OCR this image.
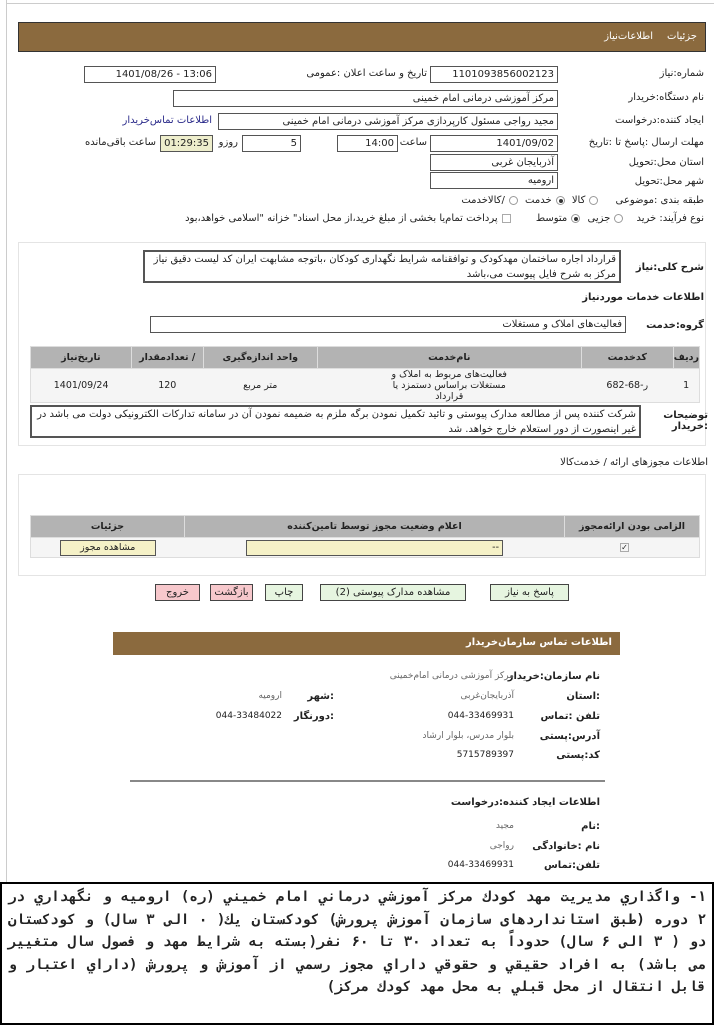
جزئیات
اطلاعات‌نیاز
شماره:نیاز
1101093856002123
تاریخ و ساعت اعلان :عمومی
1401/08/26 - 13:06
نام دستگاه:خریدار
مرکز آموزشی درمانی امام خمینی
ایجاد کننده:درخواست
مجید رواجی مسئول کارپردازی مرکز آموزشی درمانی امام خمینی
اطلاعات تماس‌خریدار
مهلت ارسال :پاسخ تا :تاریخ
1401/09/02
ساعت
14:00
5
روزو
01:29:35
ساعت باقی‌مانده
استان محل:تحویل
آذربایجان غربی
شهر محل:تحویل
ارومیه
طبقه بندی :موضوعی کالا خدمت /کالاخدمت
نوع فرآیند: خرید جزیی متوسط پرداخت تمام‌یا بخشی از مبلغ خرید،از محل اسناد" خزانه "اسلامی خواهد،بود
شرح کلی:نیاز
قرارداد اجاره ساختمان مهدکودک و توافقنامه شرایط نگهداری کودکان ،باتوجه مشابهت ایران کد لیست دقیق نیاز مرکز به شرح فایل پیوست می،باشد
اطلاعات خدمات موردنیاز
گروه:خدمت
فعالیت‌های املاک و مستغلات
ردیف	کدخدمت	نام‌خدمت	واحد اندازه‌گیری	/ تعدادمقدار	تاریخ‌نیاز
1	ر-68-682	فعالیت‌های مربوط به املاک و مستغلات براساس دستمزد یا قرارداد	متر مربع	120	1401/09/24
توضیحات :خریدار
شرکت کننده پس از مطالعه مدارک پیوستی و تائید تکمیل نمودن برگه ملزم به ضمیمه نمودن آن در سامانه تدارکات الکترونیکی دولت می باشد در غیر اینصورت از دور استعلام خارج خواهد. شد
اطلاعات مجوزهای ارائه / خدمت‌کالا
الزامی بودن ارائه‌مجوز	اعلام وضعیت مجوز توسط تامین‌کننده	جزئیات
✓	--	مشاهده مجوز
پاسخ به نیاز
مشاهده مدارک پیوستی (2)
چاپ
بازگشت
خروج
اطلاعات تماس سازمان‌خریدار
نام سازمان:خریدار
مرکز آموزشی درمانی امام‌خمینی
:استان
آذربایجان‌غربی
:شهر
ارومیه
تلفن :تماس
044-33469931
:دورنگار
044-33484022
آدرس:پستی
بلوار مدرس، بلوار ارشاد
کد:پستی
5715789397
اطلاعات ایجاد کننده:درخواست
:نام
مجید
نام :خانوادگی
رواجی
تلفن:تماس
044-33469931
۱- واگذاري مديريت مهد كودك مركز آموزشي درماني امام خميني (ره) اروميه و نگهداري در ۲ دوره (طبق استانداردهای سازمان آموزش پرورش) كودكستان يك( ۰ الی ۳ سال) و كودكستان دو ( ۳ الی ۶ سال) حدوداً به تعداد ۳۰ تا ۶۰ نفر(بسته به شرايط مهد و فصول سال متغيير می باشد) به افراد حقيقي و حقوقي داراي مجوز رسمي از آموزش و پرورش (داراي اعتبار و قابل انتقال از محل قبلي به محل مهد كودك مركز)
